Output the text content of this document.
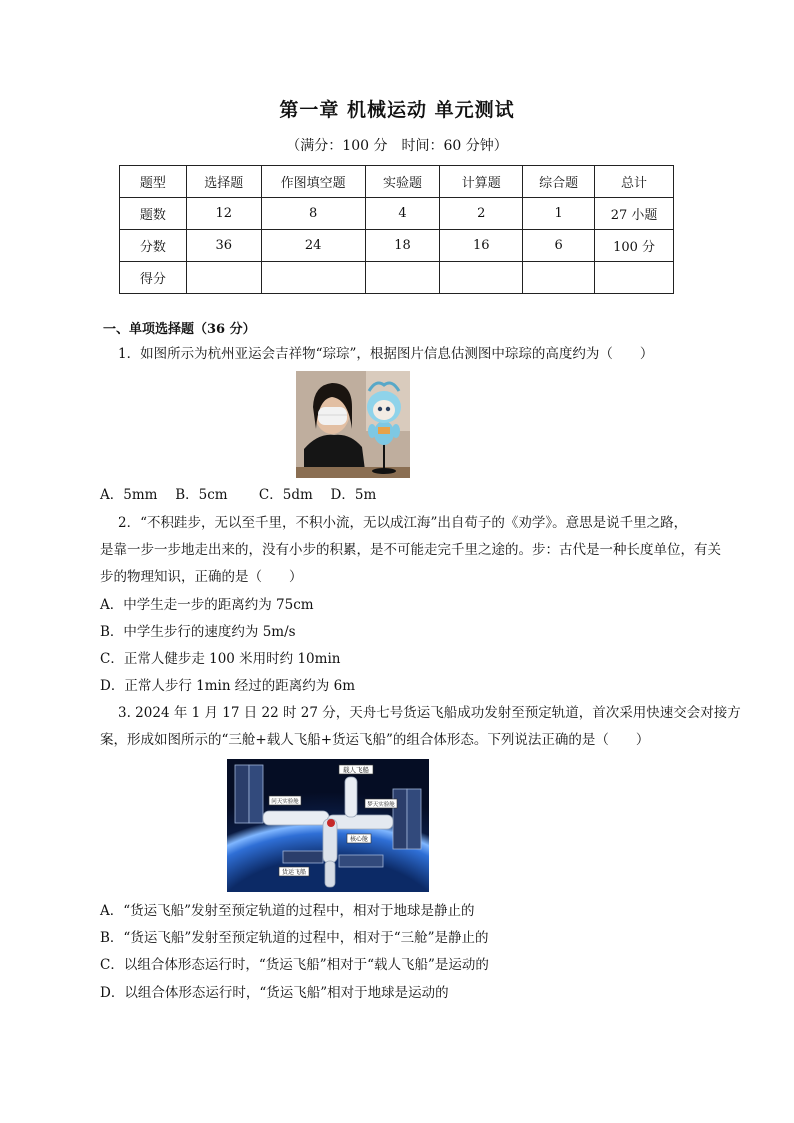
第一章 机械运动 单元测试
（满分：100 分　时间：60 分钟）
题型	选择题	作图填空题	实验题	计算题	综合题	总计
题数	12	8	4	2	1	27 小题
分数	36	24	18	16	6	100 分
得分						
一、单项选择题（36 分）
1．如图所示为杭州亚运会吉祥物“琮琮”，根据图片信息估测图中琮琮的高度约为（　　）
A．5mm　 B．5cm　　 C．5dm　 D．5m
2．“不积跬步，无以至千里，不积小流，无以成江海”出自荀子的《劝学》。意思是说千里之路，
是靠一步一步地走出来的，没有小步的积累，是不可能走完千里之途的。步：古代是一种长度单位，有关
步的物理知识，正确的是（　　）
A．中学生走一步的距离约为 75cm
B．中学生步行的速度约为 5m/s
C．正常人健步走 100 米用时约 10min
D．正常人步行 1min 经过的距离约为 6m
3. 2024 年 1 月 17 日 22 时 27 分，天舟七号货运飞船成功发射至预定轨道，首次采用快速交会对接方
案，形成如图所示的“三舱+载人飞船+货运飞船”的组合体形态。下列说法正确的是（　　）
载人飞船
问天实验舱	梦天实验舱
核心舱
货运飞船
A．“货运飞船”发射至预定轨道的过程中，相对于地球是静止的
B．“货运飞船”发射至预定轨道的过程中，相对于“三舱”是静止的
C．以组合体形态运行时，“货运飞船”相对于“载人飞船”是运动的
D．以组合体形态运行时，“货运飞船”相对于地球是运动的
